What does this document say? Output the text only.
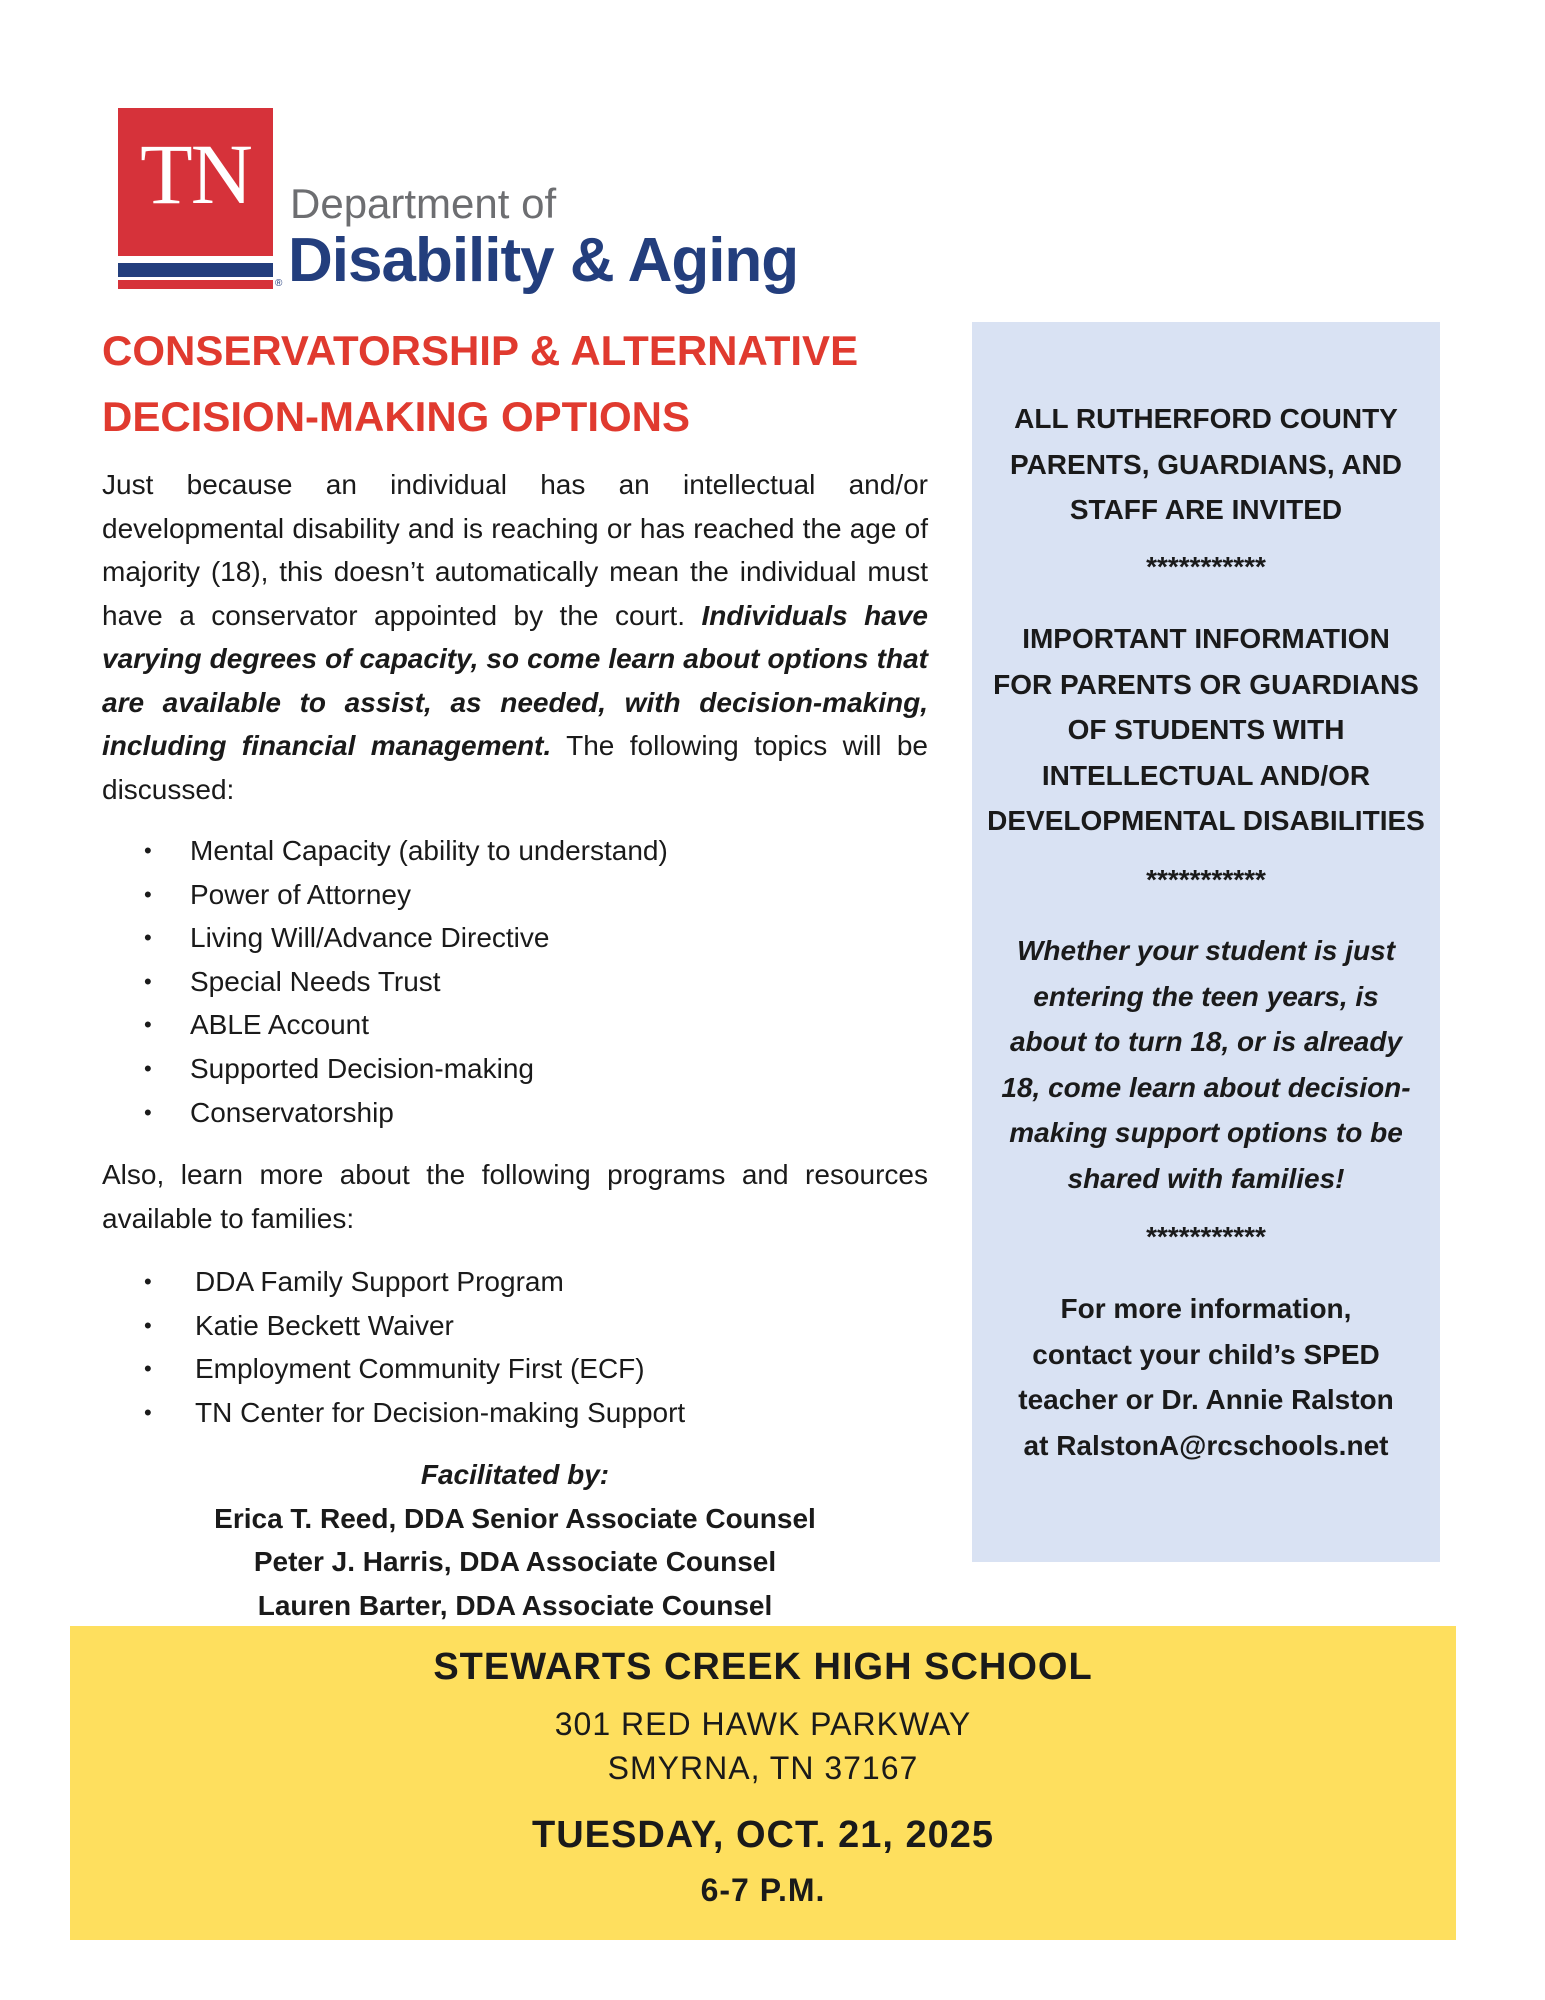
TN
®
Department of
Disability & Aging
CONSERVATORSHIP & ALTERNATIVE
DECISION-MAKING OPTIONS
Just because an individual has an intellectual and/or developmental disability and is reaching or has reached the age of majority (18), this doesn’t automatically mean the individual must have a conservator appointed by the court. Individuals have varying degrees of capacity, so come learn about options that are available to assist, as needed, with decision-making, including financial management. The following topics will be discussed:
• Mental Capacity (ability to understand)
• Power of Attorney
• Living Will/Advance Directive
• Special Needs Trust
• ABLE Account
• Supported Decision-making
• Conservatorship
Also, learn more about the following programs and resources available to families:
• DDA Family Support Program
• Katie Beckett Waiver
• Employment Community First (ECF)
• TN Center for Decision-making Support
Facilitated by:
Erica T. Reed, DDA Senior Associate Counsel
Peter J. Harris, DDA Associate Counsel
Lauren Barter, DDA Associate Counsel
ALL RUTHERFORD COUNTY
PARENTS, GUARDIANS, AND
STAFF ARE INVITED
***********
IMPORTANT INFORMATION
FOR PARENTS OR GUARDIANS
OF STUDENTS WITH
INTELLECTUAL AND/OR
DEVELOPMENTAL DISABILITIES
***********
Whether your student is just
entering the teen years, is
about to turn 18, or is already
18, come learn about decision-
making support options to be
shared with families!
***********
For more information,
contact your child’s SPED
teacher or Dr. Annie Ralston
at RalstonA@rcschools.net
STEWARTS CREEK HIGH SCHOOL
301 RED HAWK PARKWAY
SMYRNA, TN 37167
TUESDAY, OCT. 21, 2025
6-7 P.M.
